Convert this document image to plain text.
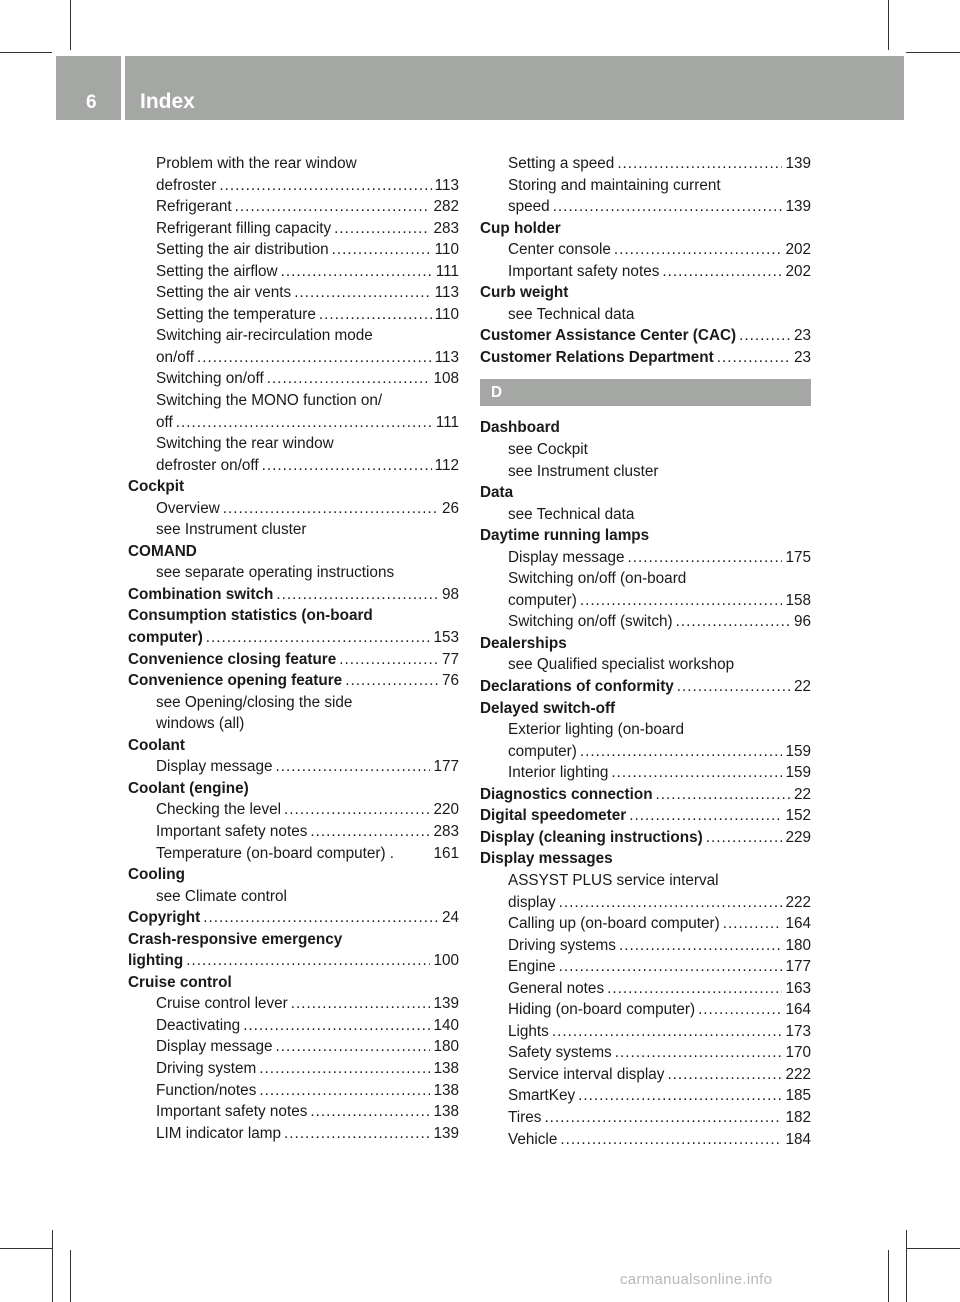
6 Index
Problem with the rear window
defroster .....	113
Refrigerant .....	282
Refrigerant filling capacity .....	283
Setting the air distribution .....	110
Setting the airflow .....	111
Setting the air vents .....	113
Setting the temperature .....	110
Switching air-recirculation mode
on/off .....	113
Switching on/off .....	108
Switching the MONO function on/
off .....	111
Switching the rear window
defroster on/off .....	112
Cockpit
Overview .....	26
see Instrument cluster
COMAND
see separate operating instructions
Combination switch .....	98
Consumption statistics (on-board
computer) .....	153
Convenience closing feature .....	77
Convenience opening feature .....	76
see Opening/closing the side
windows (all)
Coolant
Display message .....	177
Coolant (engine)
Checking the level .....	220
Important safety notes .....	283
Temperature (on-board computer) .	161
Cooling
see Climate control
Copyright .....	24
Crash-responsive emergency
lighting .....	100
Cruise control
Cruise control lever .....	139
Deactivating .....	140
Display message .....	180
Driving system .....	138
Function/notes .....	138
Important safety notes .....	138
LIM indicator lamp .....	139
Setting a speed .....	139
Storing and maintaining current
speed .....	139
Cup holder
Center console .....	202
Important safety notes .....	202
Curb weight
see Technical data
Customer Assistance Center (CAC) .....	23
Customer Relations Department .....	23
D
Dashboard
see Cockpit
see Instrument cluster
Data
see Technical data
Daytime running lamps
Display message .....	175
Switching on/off (on-board
computer) .....	158
Switching on/off (switch) .....	96
Dealerships
see Qualified specialist workshop
Declarations of conformity .....	22
Delayed switch-off
Exterior lighting (on-board
computer) .....	159
Interior lighting .....	159
Diagnostics connection .....	22
Digital speedometer .....	152
Display (cleaning instructions) .....	229
Display messages
ASSYST PLUS service interval
display .....	222
Calling up (on-board computer) .....	164
Driving systems .....	180
Engine .....	177
General notes .....	163
Hiding (on-board computer) .....	164
Lights .....	173
Safety systems .....	170
Service interval display .....	222
SmartKey .....	185
Tires .....	182
Vehicle .....	184
carmanualsonline.info
